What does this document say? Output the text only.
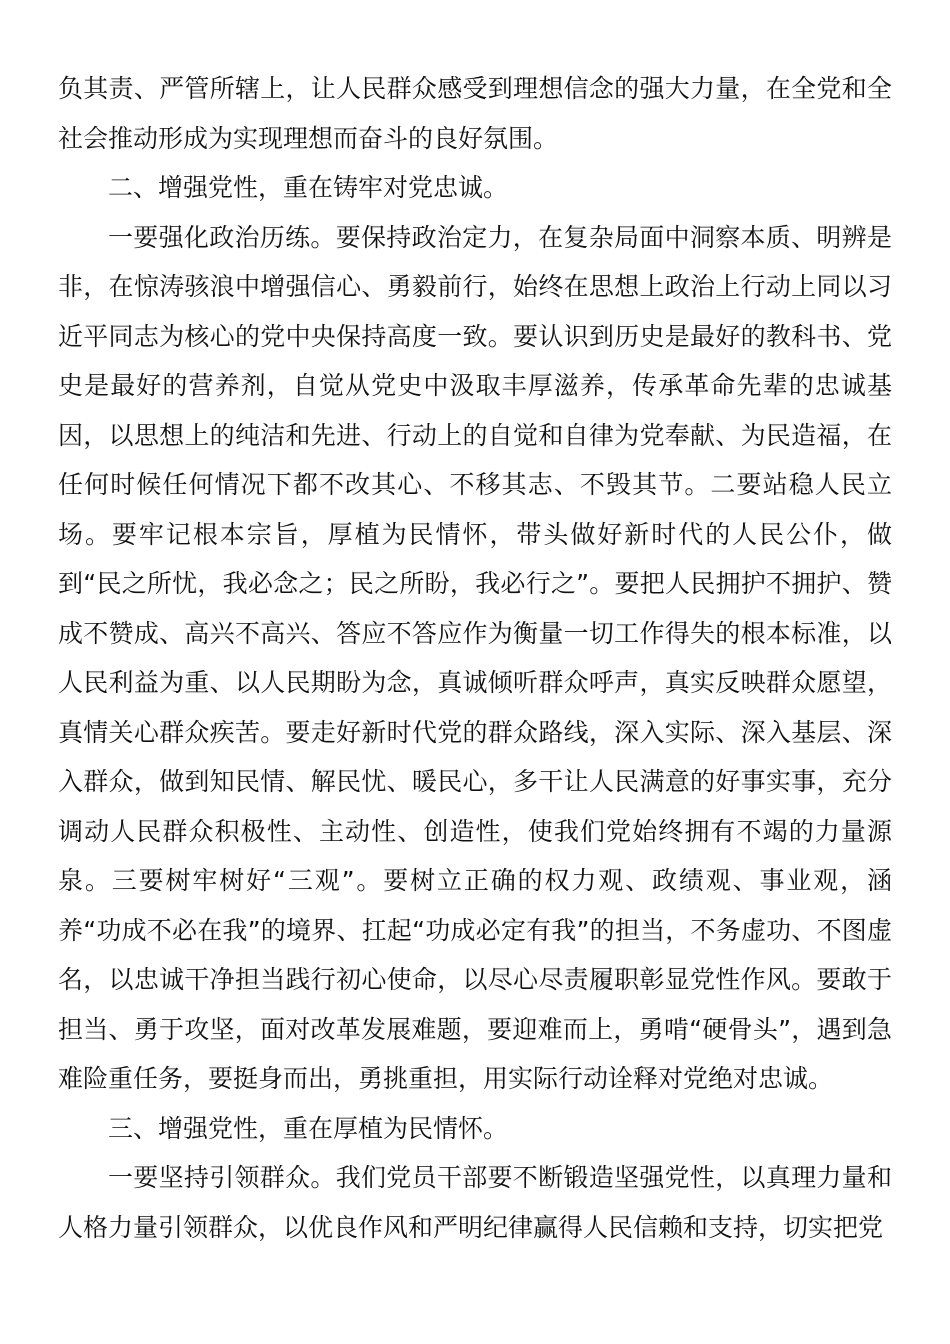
负其责、严管所辖上，让人民群众感受到理想信念的强大力量，在全党和全社会推动形成为实现理想而奋斗的良好氛围。

二、增强党性，重在铸牢对党忠诚。

一要强化政治历练。要保持政治定力，在复杂局面中洞察本质、明辨是非，在惊涛骇浪中增强信心、勇毅前行，始终在思想上政治上行动上同以习近平同志为核心的党中央保持高度一致。要认识到历史是最好的教科书、党史是最好的营养剂，自觉从党史中汲取丰厚滋养，传承革命先辈的忠诚基因，以思想上的纯洁和先进、行动上的自觉和自律为党奉献、为民造福，在任何时候任何情况下都不改其心、不移其志、不毁其节。二要站稳人民立场。要牢记根本宗旨，厚植为民情怀，带头做好新时代的人民公仆，做到“民之所忧，我必念之；民之所盼，我必行之”。要把人民拥护不拥护、赞成不赞成、高兴不高兴、答应不答应作为衡量一切工作得失的根本标准，以人民利益为重、以人民期盼为念，真诚倾听群众呼声，真实反映群众愿望，真情关心群众疾苦。要走好新时代党的群众路线，深入实际、深入基层、深入群众，做到知民情、解民忧、暖民心，多干让人民满意的好事实事，充分调动人民群众积极性、主动性、创造性，使我们党始终拥有不竭的力量源泉。三要树牢树好“三观”。要树立正确的权力观、政绩观、事业观，涵养“功成不必在我”的境界、扛起“功成必定有我”的担当，不务虚功、不图虚名，以忠诚干净担当践行初心使命，以尽心尽责履职彰显党性作风。要敢于担当、勇于攻坚，面对改革发展难题，要迎难而上，勇啃“硬骨头”，遇到急难险重任务，要挺身而出，勇挑重担，用实际行动诠释对党绝对忠诚。

三、增强党性，重在厚植为民情怀。

一要坚持引领群众。我们党员干部要不断锻造坚强党性，以真理力量和人格力量引领群众，以优良作风和严明纪律赢得人民信赖和支持，切实把党
